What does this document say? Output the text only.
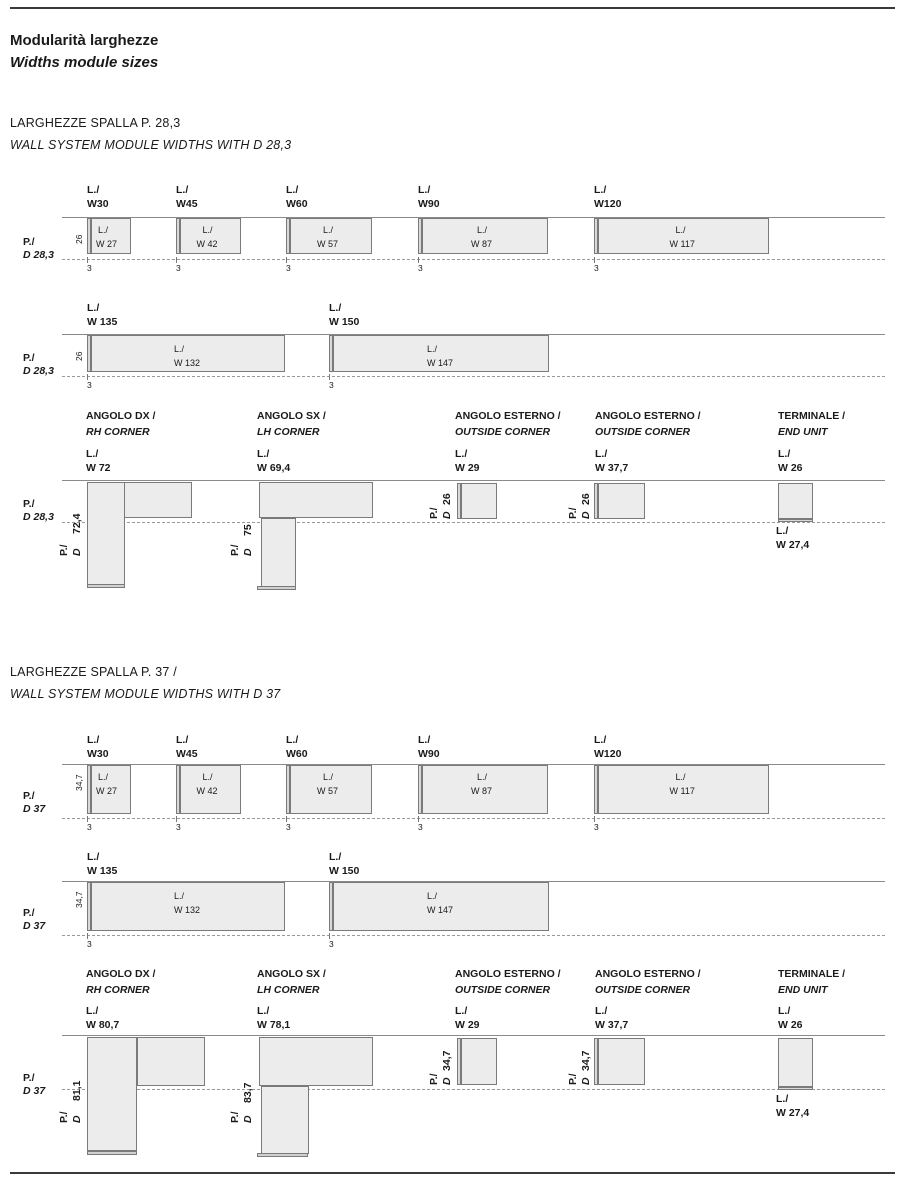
Modularità larghezze
Widths module sizes
LARGHEZZE SPALLA P. 28,3
WALL SYSTEM MODULE WIDTHS WITH D 28,3
P./
D 28,3
26
L./
W30
L./
W 27
3
L./
W45
L./
W 42
3
L./
W60
L./
W 57
3
L./
W90
L./
W 87
3
L./
W120
L./
W 117
3
P./
D 28,3
26
L./
W 135
L./
W 132
3
L./
W 150
L./
W 147
3
P./
D 28,3
ANGOLO DX /
RH CORNER
L./
W 72
ANGOLO SX /
LH CORNER
L./
W 69,4
ANGOLO ESTERNO /
OUTSIDE CORNER
L./
W 29
ANGOLO ESTERNO /
OUTSIDE CORNER
L./
W 37,7
TERMINALE /
END UNIT
L./
W 26
P./ D
72,4
P./ D
75
P./ D
26
P./ D
26
L./
W 27,4
LARGHEZZE SPALLA P. 37 /
WALL SYSTEM MODULE WIDTHS WITH D 37
P./
D 37
34,7
L./
W30
L./
W 27
3
L./
W45
L./
W 42
3
L./
W60
L./
W 57
3
L./
W90
L./
W 87
3
L./
W120
L./
W 117
3
P./
D 37
34,7
L./
W 135
L./
W 132
3
L./
W 150
L./
W 147
3
P./
D 37
ANGOLO DX /
RH CORNER
L./
W 80,7
ANGOLO SX /
LH CORNER
L./
W 78,1
ANGOLO ESTERNO /
OUTSIDE CORNER
L./
W 29
ANGOLO ESTERNO /
OUTSIDE CORNER
L./
W 37,7
TERMINALE /
END UNIT
L./
W 26
P./ D
81,1
P./ D
83,7
P./ D
34,7
P./ D
34,7
L./
W 27,4
